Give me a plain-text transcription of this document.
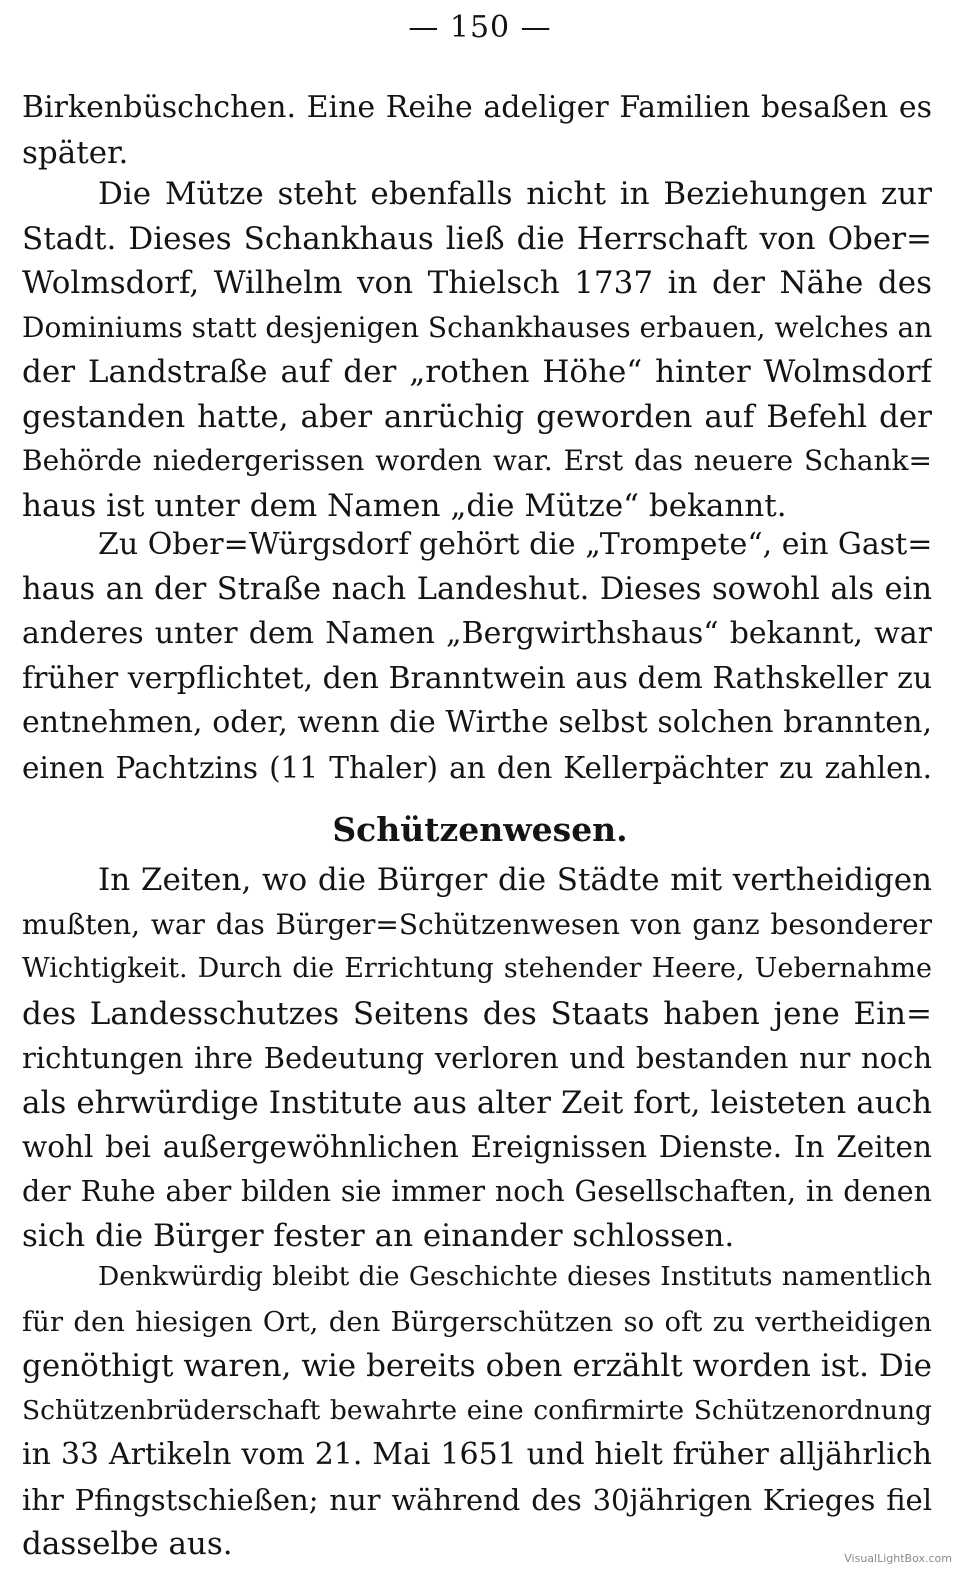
— 150 —
Birkenbüschchen. Eine Reihe adeliger Familien besaßen es
später.
Die Mütze steht ebenfalls nicht in Beziehungen zur
Stadt. Dieses Schankhaus ließ die Herrschaft von Ober=
Wolmsdorf, Wilhelm von Thielsch 1737 in der Nähe des
Dominiums statt desjenigen Schankhauses erbauen, welches an
der Landstraße auf der „rothen Höhe“ hinter Wolmsdorf
gestanden hatte, aber anrüchig geworden auf Befehl der
Behörde niedergerissen worden war. Erst das neuere Schank=
haus ist unter dem Namen „die Mütze“ bekannt.
Zu Ober=Würgsdorf gehört die „Trompete“, ein Gast=
haus an der Straße nach Landeshut. Dieses sowohl als ein
anderes unter dem Namen „Bergwirthshaus“ bekannt, war
früher verpflichtet, den Branntwein aus dem Rathskeller zu
entnehmen, oder, wenn die Wirthe selbst solchen brannten,
einen Pachtzins (11 Thaler) an den Kellerpächter zu zahlen.
Schützenwesen.
In Zeiten, wo die Bürger die Städte mit vertheidigen
mußten, war das Bürger=Schützenwesen von ganz besonderer
Wichtigkeit. Durch die Errichtung stehender Heere, Uebernahme
des Landesschutzes Seitens des Staats haben jene Ein=
richtungen ihre Bedeutung verloren und bestanden nur noch
als ehrwürdige Institute aus alter Zeit fort, leisteten auch
wohl bei außergewöhnlichen Ereignissen Dienste. In Zeiten
der Ruhe aber bilden sie immer noch Gesellschaften, in denen
sich die Bürger fester an einander schlossen.
Denkwürdig bleibt die Geschichte dieses Instituts namentlich
für den hiesigen Ort, den Bürgerschützen so oft zu vertheidigen
genöthigt waren, wie bereits oben erzählt worden ist. Die
Schützenbrüderschaft bewahrte eine confirmirte Schützenordnung
in 33 Artikeln vom 21. Mai 1651 und hielt früher alljährlich
ihr Pfingstschießen; nur während des 30jährigen Krieges fiel
dasselbe aus.	VisualLightBox.com
